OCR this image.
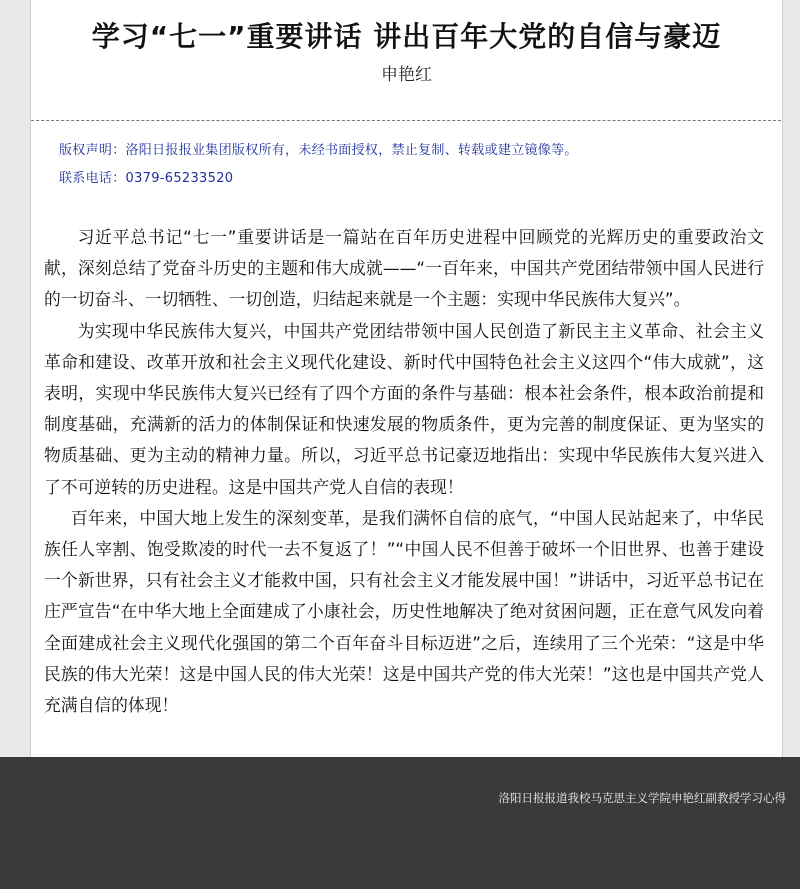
学习“七一”重要讲话 讲出百年大党的自信与豪迈
申艳红
版权声明：洛阳日报报业集团版权所有，未经书面授权，禁止复制、转载或建立镜像等。
联系电话：0379-65233520

习近平总书记“七一”重要讲话是一篇站在百年历史进程中回顾党的光辉历史的重要政治文献，深刻总结了党奋斗历史的主题和伟大成就——“一百年来，中国共产党团结带领中国人民进行的一切奋斗、一切牺牲、一切创造，归结起来就是一个主题：实现中华民族伟大复兴”。

为实现中华民族伟大复兴，中国共产党团结带领中国人民创造了新民主主义革命、社会主义革命和建设、改革开放和社会主义现代化建设、新时代中国特色社会主义这四个“伟大成就”，这表明，实现中华民族伟大复兴已经有了四个方面的条件与基础：根本社会条件，根本政治前提和制度基础，充满新的活力的体制保证和快速发展的物质条件，更为完善的制度保证、更为坚实的物质基础、更为主动的精神力量。所以，习近平总书记豪迈地指出：实现中华民族伟大复兴进入了不可逆转的历史进程。这是中国共产党人自信的表现！

百年来，中国大地上发生的深刻变革，是我们满怀自信的底气，“中国人民站起来了，中华民族任人宰割、饱受欺凌的时代一去不复返了！”“中国人民不但善于破坏一个旧世界、也善于建设一个新世界，只有社会主义才能救中国，只有社会主义才能发展中国！”讲话中，习近平总书记在庄严宣告“在中华大地上全面建成了小康社会，历史性地解决了绝对贫困问题，正在意气风发向着全面建成社会主义现代化强国的第二个百年奋斗目标迈进”之后，连续用了三个光荣：“这是中华民族的伟大光荣！这是中国人民的伟大光荣！这是中国共产党的伟大光荣！”这也是中国共产党人充满自信的体现！

洛阳日报报道我校马克思主义学院申艳红副教授学习心得
